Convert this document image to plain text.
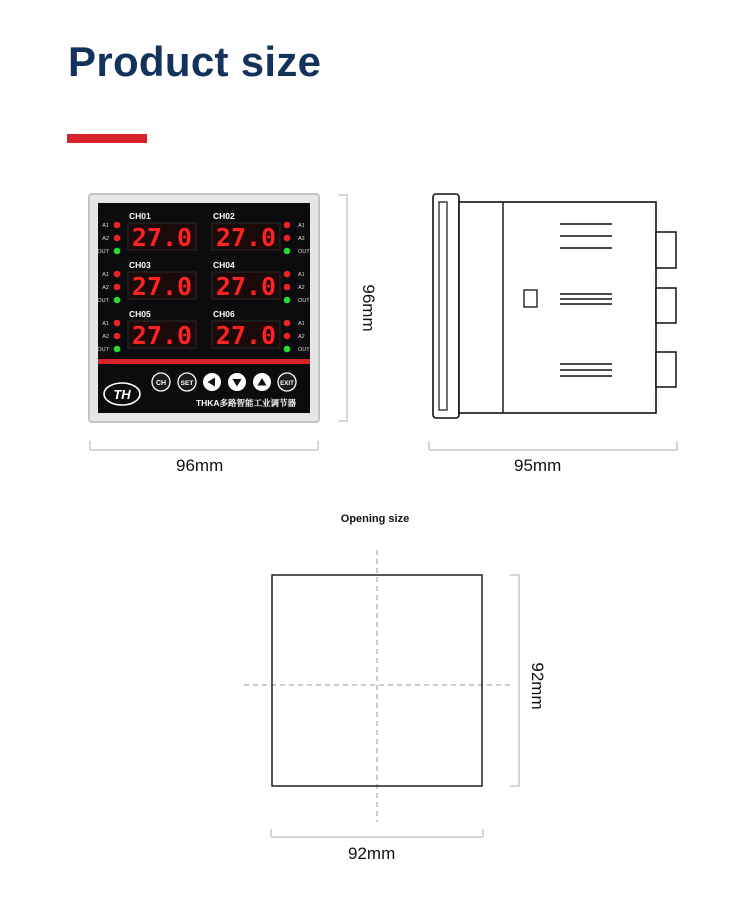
Product size
CH01
27.0
A1
A2
OUT
CH02
27.0	A1
A2
OUT
CH03
27.0
A1
A2
OUT
CH04
27.0	A1
A2
OUT
CH05
27.0
A1
A2
OUT
CH06
27.0	A1
A2
OUT
TH
CH SET	EXIT
THKA多路智能工业调节器
96mm
96mm
95mm
Opening size
92mm
92mm
